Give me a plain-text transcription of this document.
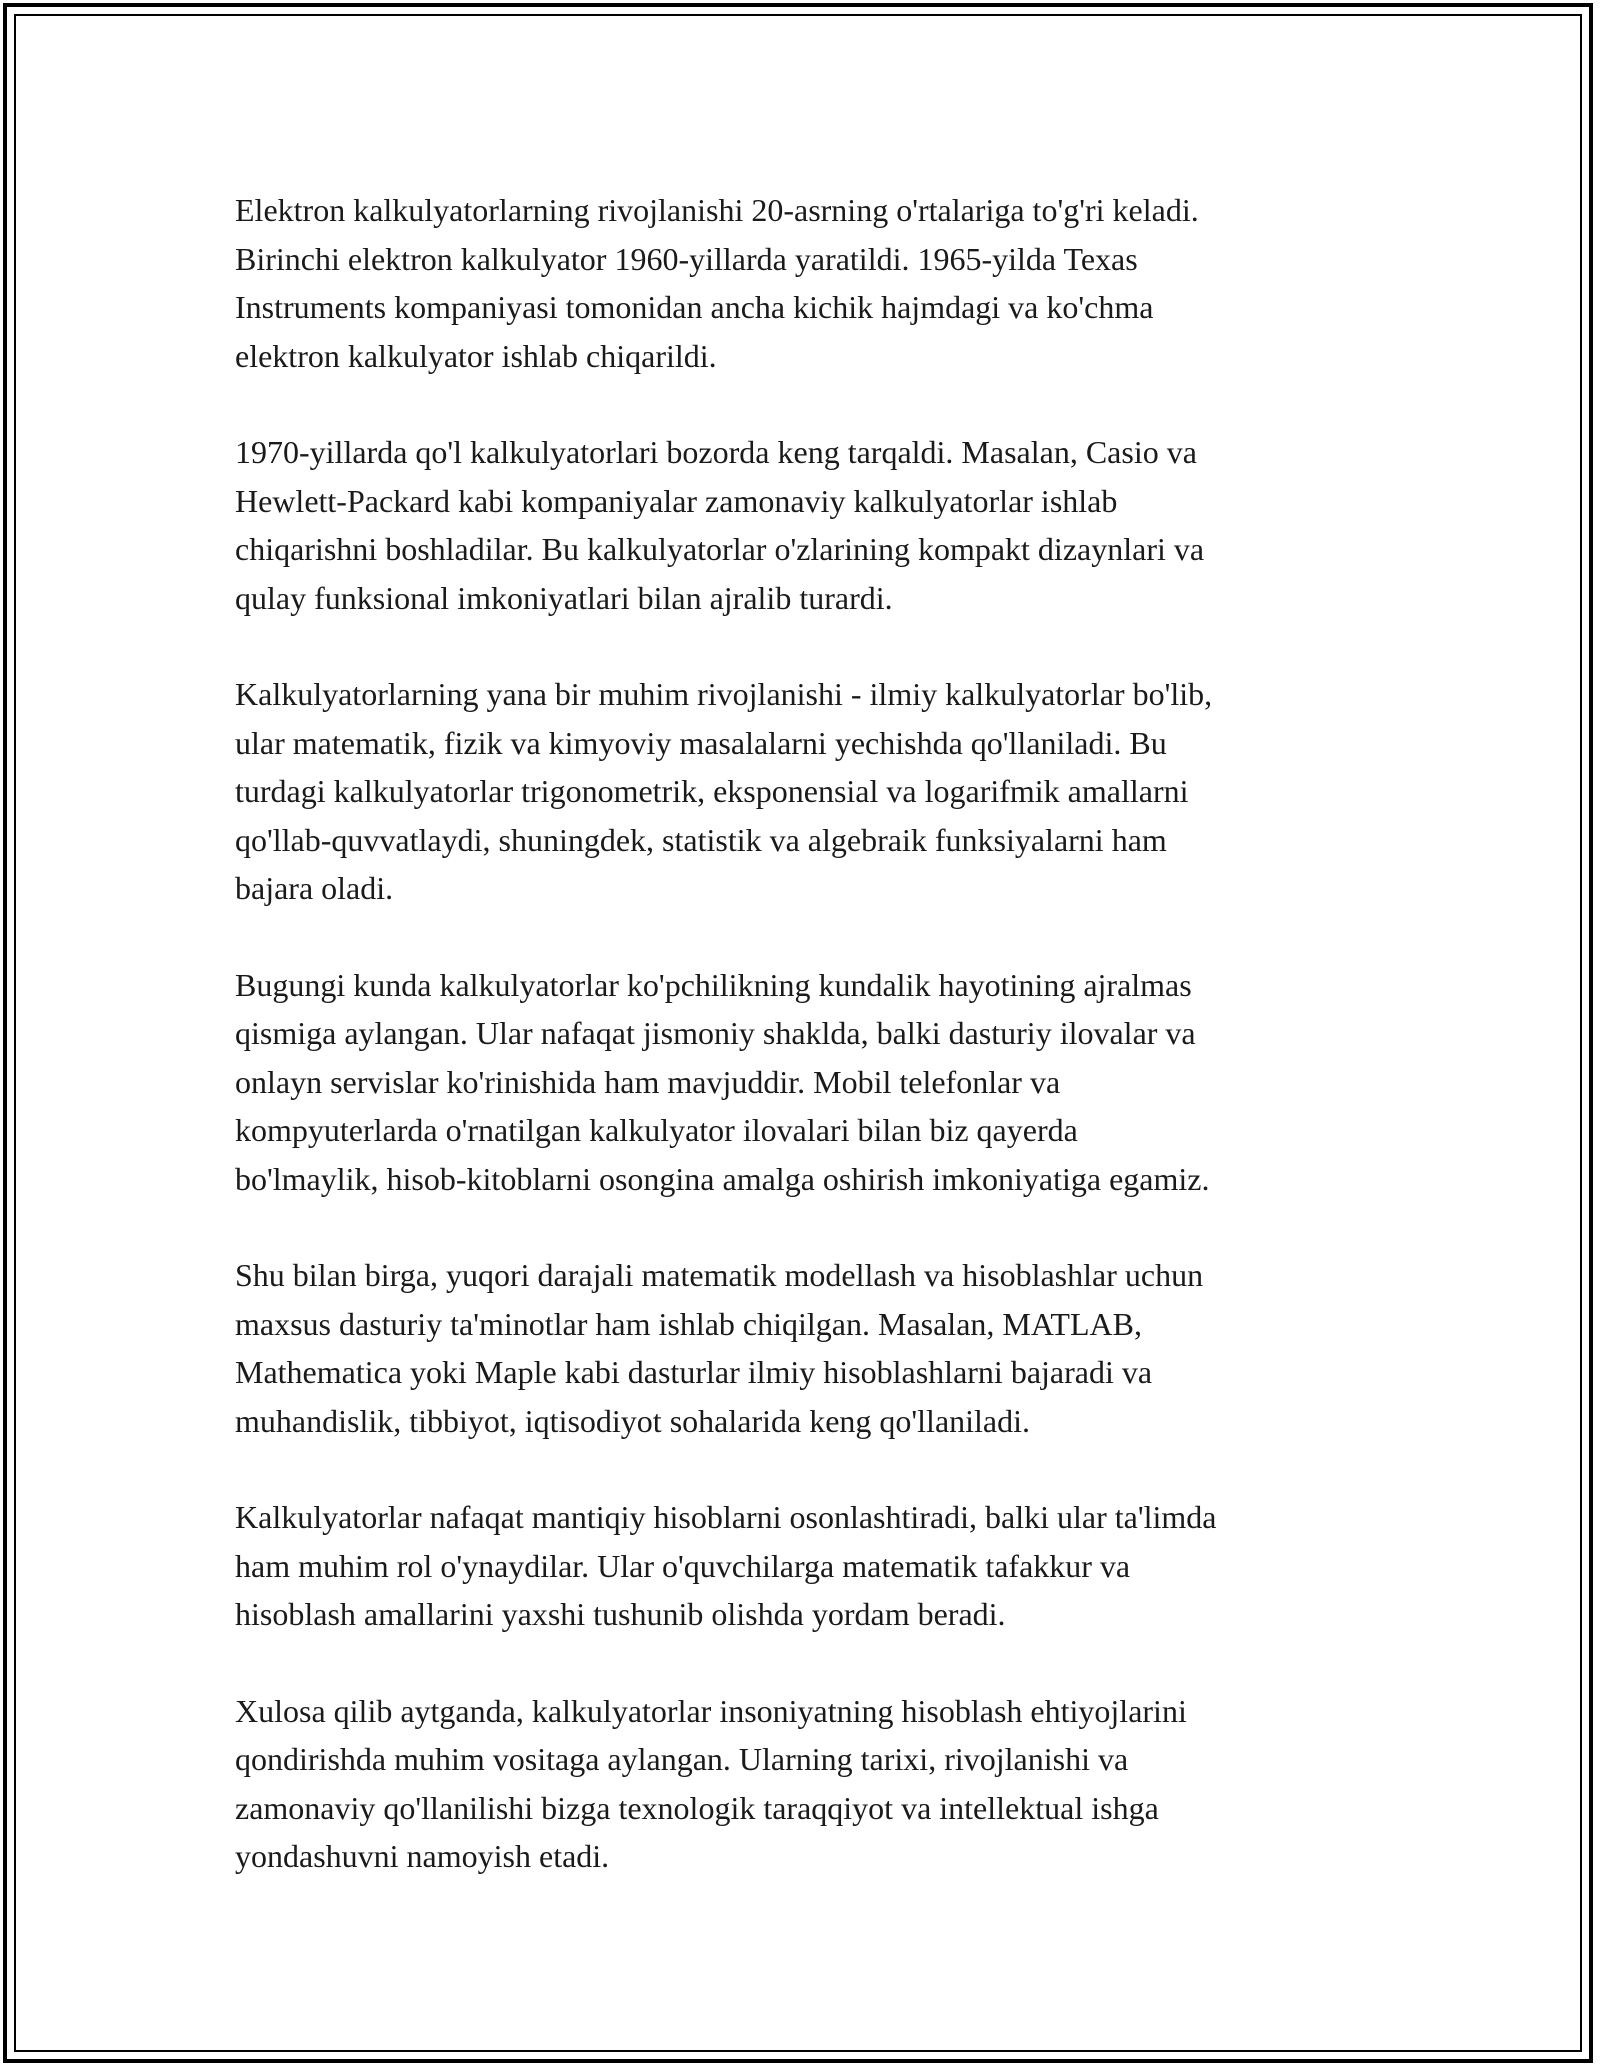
Elektron kalkulyatorlarning rivojlanishi 20-asrning o'rtalariga to'g'ri keladi.
Birinchi elektron kalkulyator 1960-yillarda yaratildi. 1965-yilda Texas
Instruments kompaniyasi tomonidan ancha kichik hajmdagi va ko'chma
elektron kalkulyator ishlab chiqarildi.

1970-yillarda qo'l kalkulyatorlari bozorda keng tarqaldi. Masalan, Casio va
Hewlett-Packard kabi kompaniyalar zamonaviy kalkulyatorlar ishlab
chiqarishni boshladilar. Bu kalkulyatorlar o'zlarining kompakt dizaynlari va
qulay funksional imkoniyatlari bilan ajralib turardi.

Kalkulyatorlarning yana bir muhim rivojlanishi - ilmiy kalkulyatorlar bo'lib,
ular matematik, fizik va kimyoviy masalalarni yechishda qo'llaniladi. Bu
turdagi kalkulyatorlar trigonometrik, eksponensial va logarifmik amallarni
qo'llab-quvvatlaydi, shuningdek, statistik va algebraik funksiyalarni ham
bajara oladi.

Bugungi kunda kalkulyatorlar ko'pchilikning kundalik hayotining ajralmas
qismiga aylangan. Ular nafaqat jismoniy shaklda, balki dasturiy ilovalar va
onlayn servislar ko'rinishida ham mavjuddir. Mobil telefonlar va
kompyuterlarda o'rnatilgan kalkulyator ilovalari bilan biz qayerda
bo'lmaylik, hisob-kitoblarni osongina amalga oshirish imkoniyatiga egamiz.

Shu bilan birga, yuqori darajali matematik modellash va hisoblashlar uchun
maxsus dasturiy ta'minotlar ham ishlab chiqilgan. Masalan, MATLAB,
Mathematica yoki Maple kabi dasturlar ilmiy hisoblashlarni bajaradi va
muhandislik, tibbiyot, iqtisodiyot sohalarida keng qo'llaniladi.

Kalkulyatorlar nafaqat mantiqiy hisoblarni osonlashtiradi, balki ular ta'limda
ham muhim rol o'ynaydilar. Ular o'quvchilarga matematik tafakkur va
hisoblash amallarini yaxshi tushunib olishda yordam beradi.

Xulosa qilib aytganda, kalkulyatorlar insoniyatning hisoblash ehtiyojlarini
qondirishda muhim vositaga aylangan. Ularning tarixi, rivojlanishi va
zamonaviy qo'llanilishi bizga texnologik taraqqiyot va intellektual ishga
yondashuvni namoyish etadi.
